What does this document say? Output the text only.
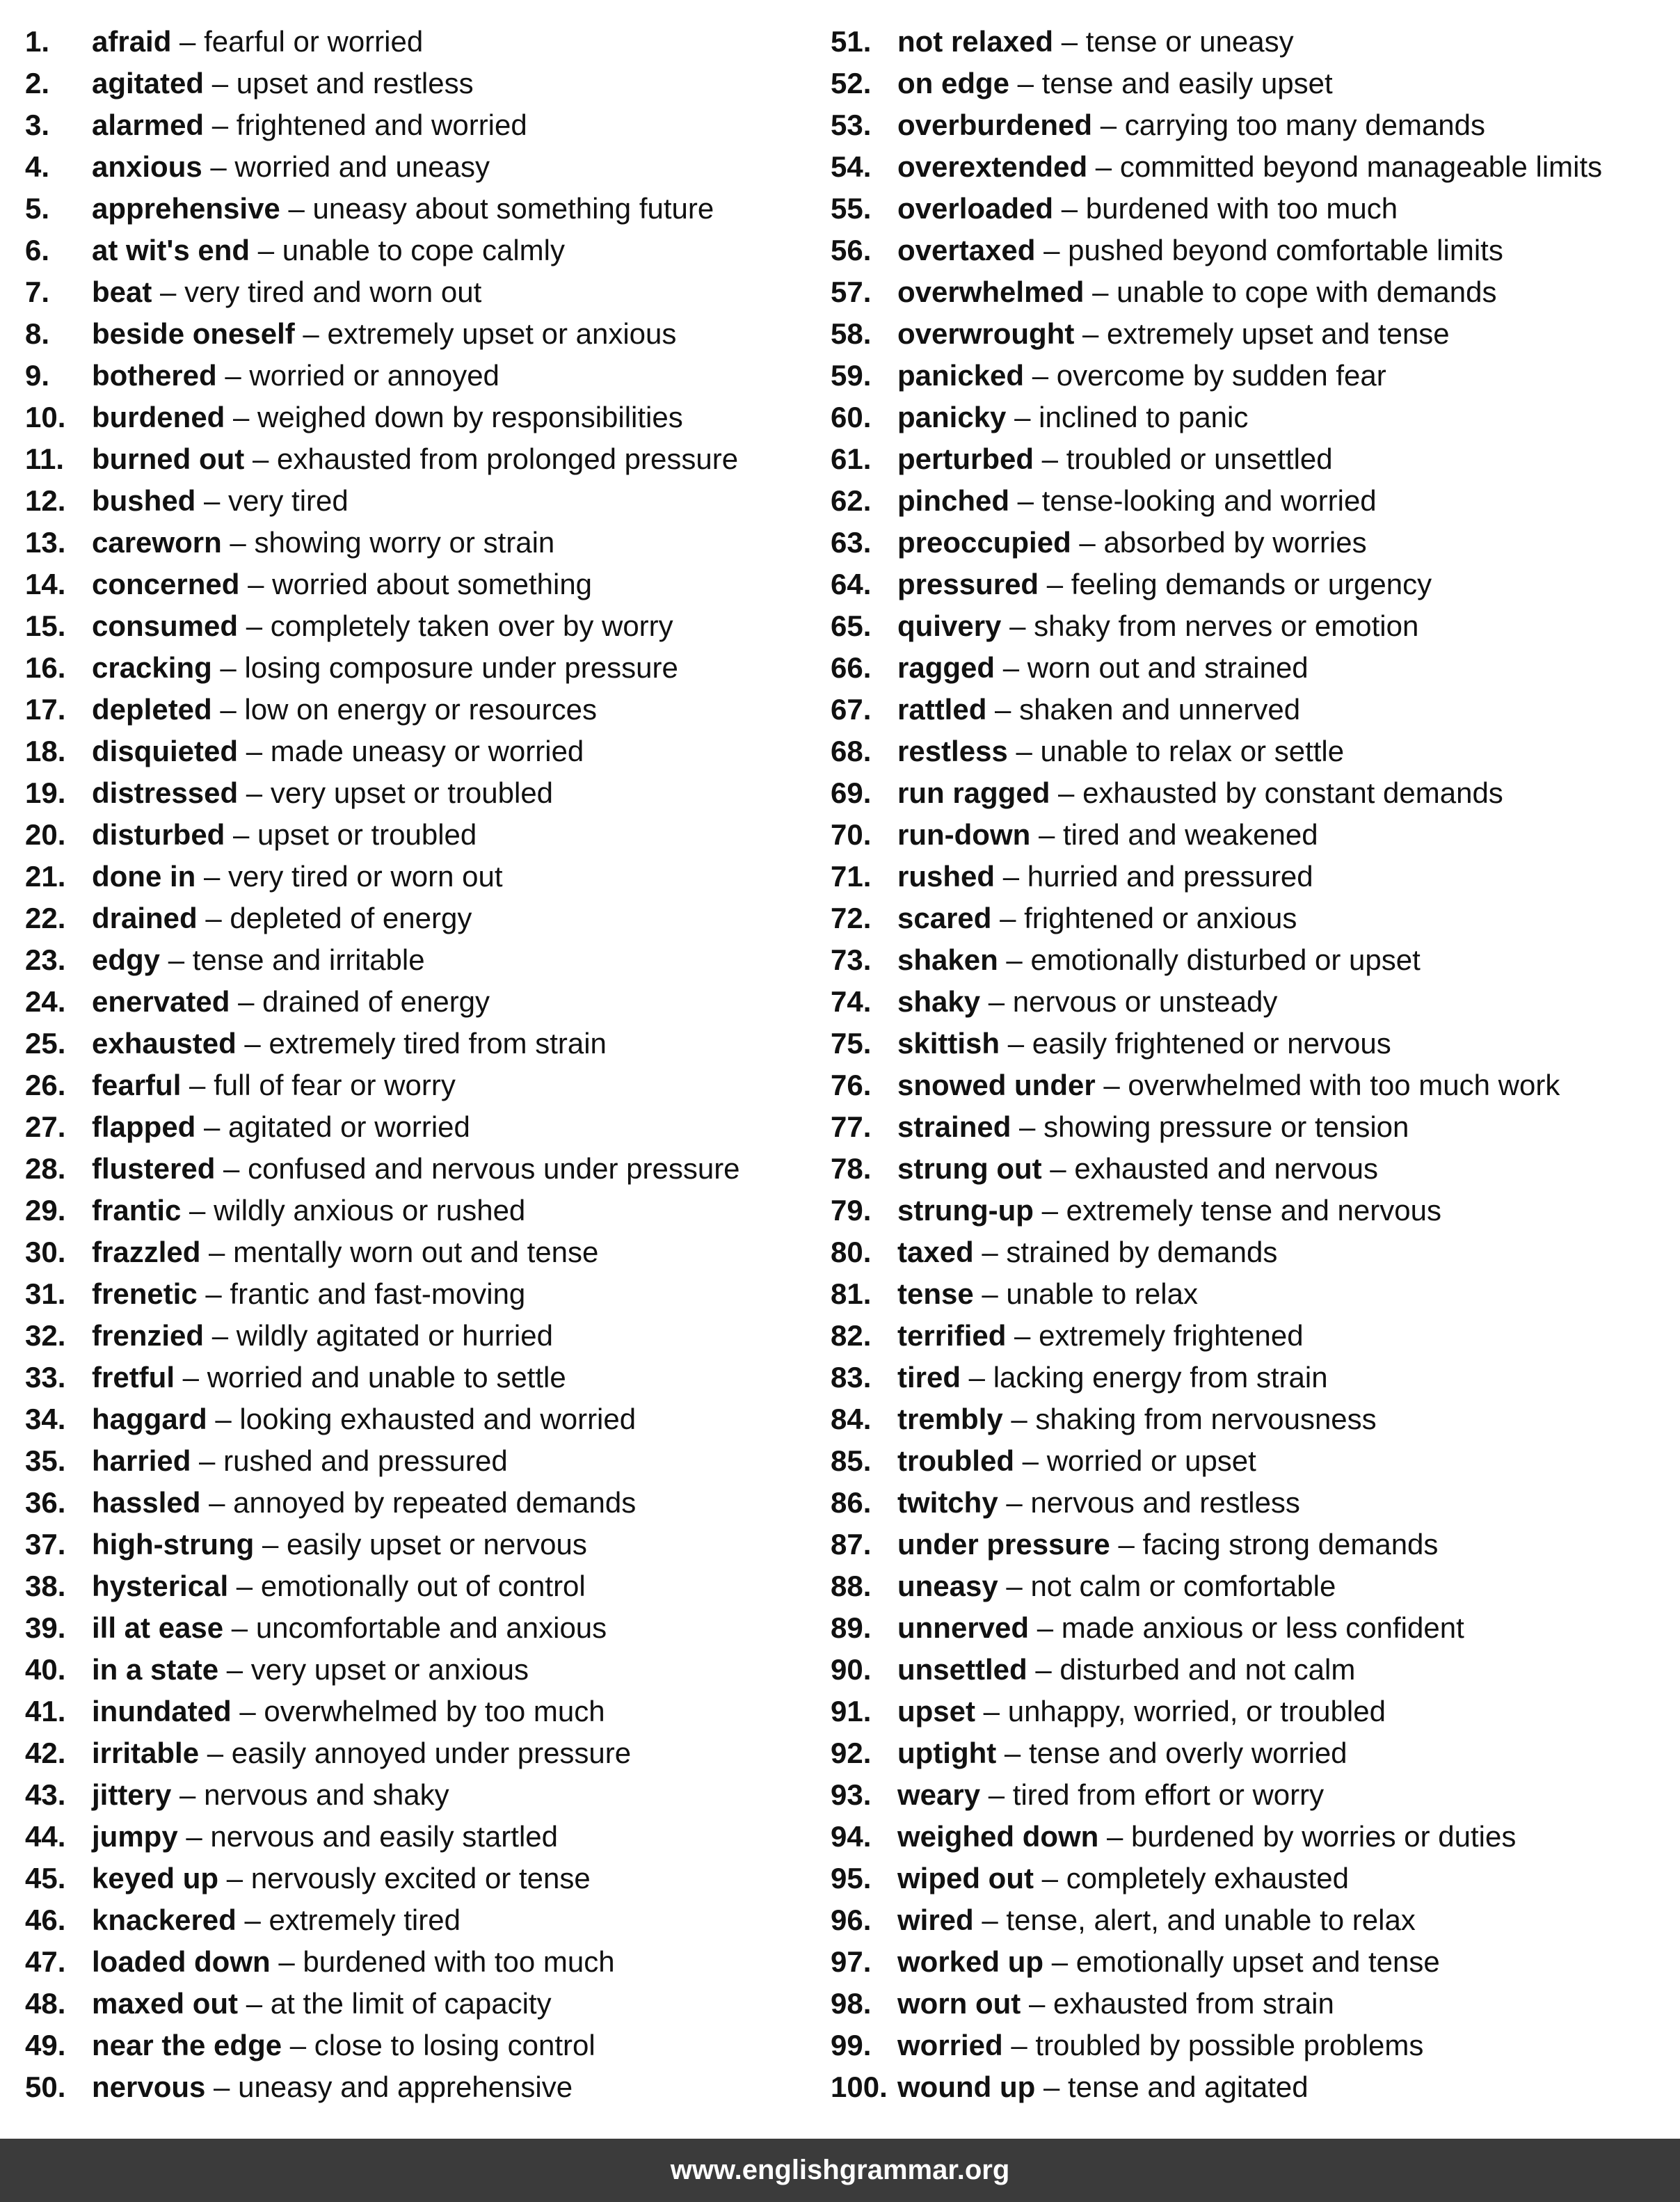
1. afraid – fearful or worried
2. agitated – upset and restless
3. alarmed – frightened and worried
4. anxious – worried and uneasy
5. apprehensive – uneasy about something future
6. at wit's end – unable to cope calmly
7. beat – very tired and worn out
8. beside oneself – extremely upset or anxious
9. bothered – worried or annoyed
10. burdened – weighed down by responsibilities
11. burned out – exhausted from prolonged pressure
12. bushed – very tired
13. careworn – showing worry or strain
14. concerned – worried about something
15. consumed – completely taken over by worry
16. cracking – losing composure under pressure
17. depleted – low on energy or resources
18. disquieted – made uneasy or worried
19. distressed – very upset or troubled
20. disturbed – upset or troubled
21. done in – very tired or worn out
22. drained – depleted of energy
23. edgy – tense and irritable
24. enervated – drained of energy
25. exhausted – extremely tired from strain
26. fearful – full of fear or worry
27. flapped – agitated or worried
28. flustered – confused and nervous under pressure
29. frantic – wildly anxious or rushed
30. frazzled – mentally worn out and tense
31. frenetic – frantic and fast-moving
32. frenzied – wildly agitated or hurried
33. fretful – worried and unable to settle
34. haggard – looking exhausted and worried
35. harried – rushed and pressured
36. hassled – annoyed by repeated demands
37. high-strung – easily upset or nervous
38. hysterical – emotionally out of control
39. ill at ease – uncomfortable and anxious
40. in a state – very upset or anxious
41. inundated – overwhelmed by too much
42. irritable – easily annoyed under pressure
43. jittery – nervous and shaky
44. jumpy – nervous and easily startled
45. keyed up – nervously excited or tense
46. knackered – extremely tired
47. loaded down – burdened with too much
48. maxed out – at the limit of capacity
49. near the edge – close to losing control
50. nervous – uneasy and apprehensive
51. not relaxed – tense or uneasy
52. on edge – tense and easily upset
53. overburdened – carrying too many demands
54. overextended – committed beyond manageable limits
55. overloaded – burdened with too much
56. overtaxed – pushed beyond comfortable limits
57. overwhelmed – unable to cope with demands
58. overwrought – extremely upset and tense
59. panicked – overcome by sudden fear
60. panicky – inclined to panic
61. perturbed – troubled or unsettled
62. pinched – tense-looking and worried
63. preoccupied – absorbed by worries
64. pressured – feeling demands or urgency
65. quivery – shaky from nerves or emotion
66. ragged – worn out and strained
67. rattled – shaken and unnerved
68. restless – unable to relax or settle
69. run ragged – exhausted by constant demands
70. run-down – tired and weakened
71. rushed – hurried and pressured
72. scared – frightened or anxious
73. shaken – emotionally disturbed or upset
74. shaky – nervous or unsteady
75. skittish – easily frightened or nervous
76. snowed under – overwhelmed with too much work
77. strained – showing pressure or tension
78. strung out – exhausted and nervous
79. strung-up – extremely tense and nervous
80. taxed – strained by demands
81. tense – unable to relax
82. terrified – extremely frightened
83. tired – lacking energy from strain
84. trembly – shaking from nervousness
85. troubled – worried or upset
86. twitchy – nervous and restless
87. under pressure – facing strong demands
88. uneasy – not calm or comfortable
89. unnerved – made anxious or less confident
90. unsettled – disturbed and not calm
91. upset – unhappy, worried, or troubled
92. uptight – tense and overly worried
93. weary – tired from effort or worry
94. weighed down – burdened by worries or duties
95. wiped out – completely exhausted
96. wired – tense, alert, and unable to relax
97. worked up – emotionally upset and tense
98. worn out – exhausted from strain
99. worried – troubled by possible problems
100. wound up – tense and agitated
www.englishgrammar.org
